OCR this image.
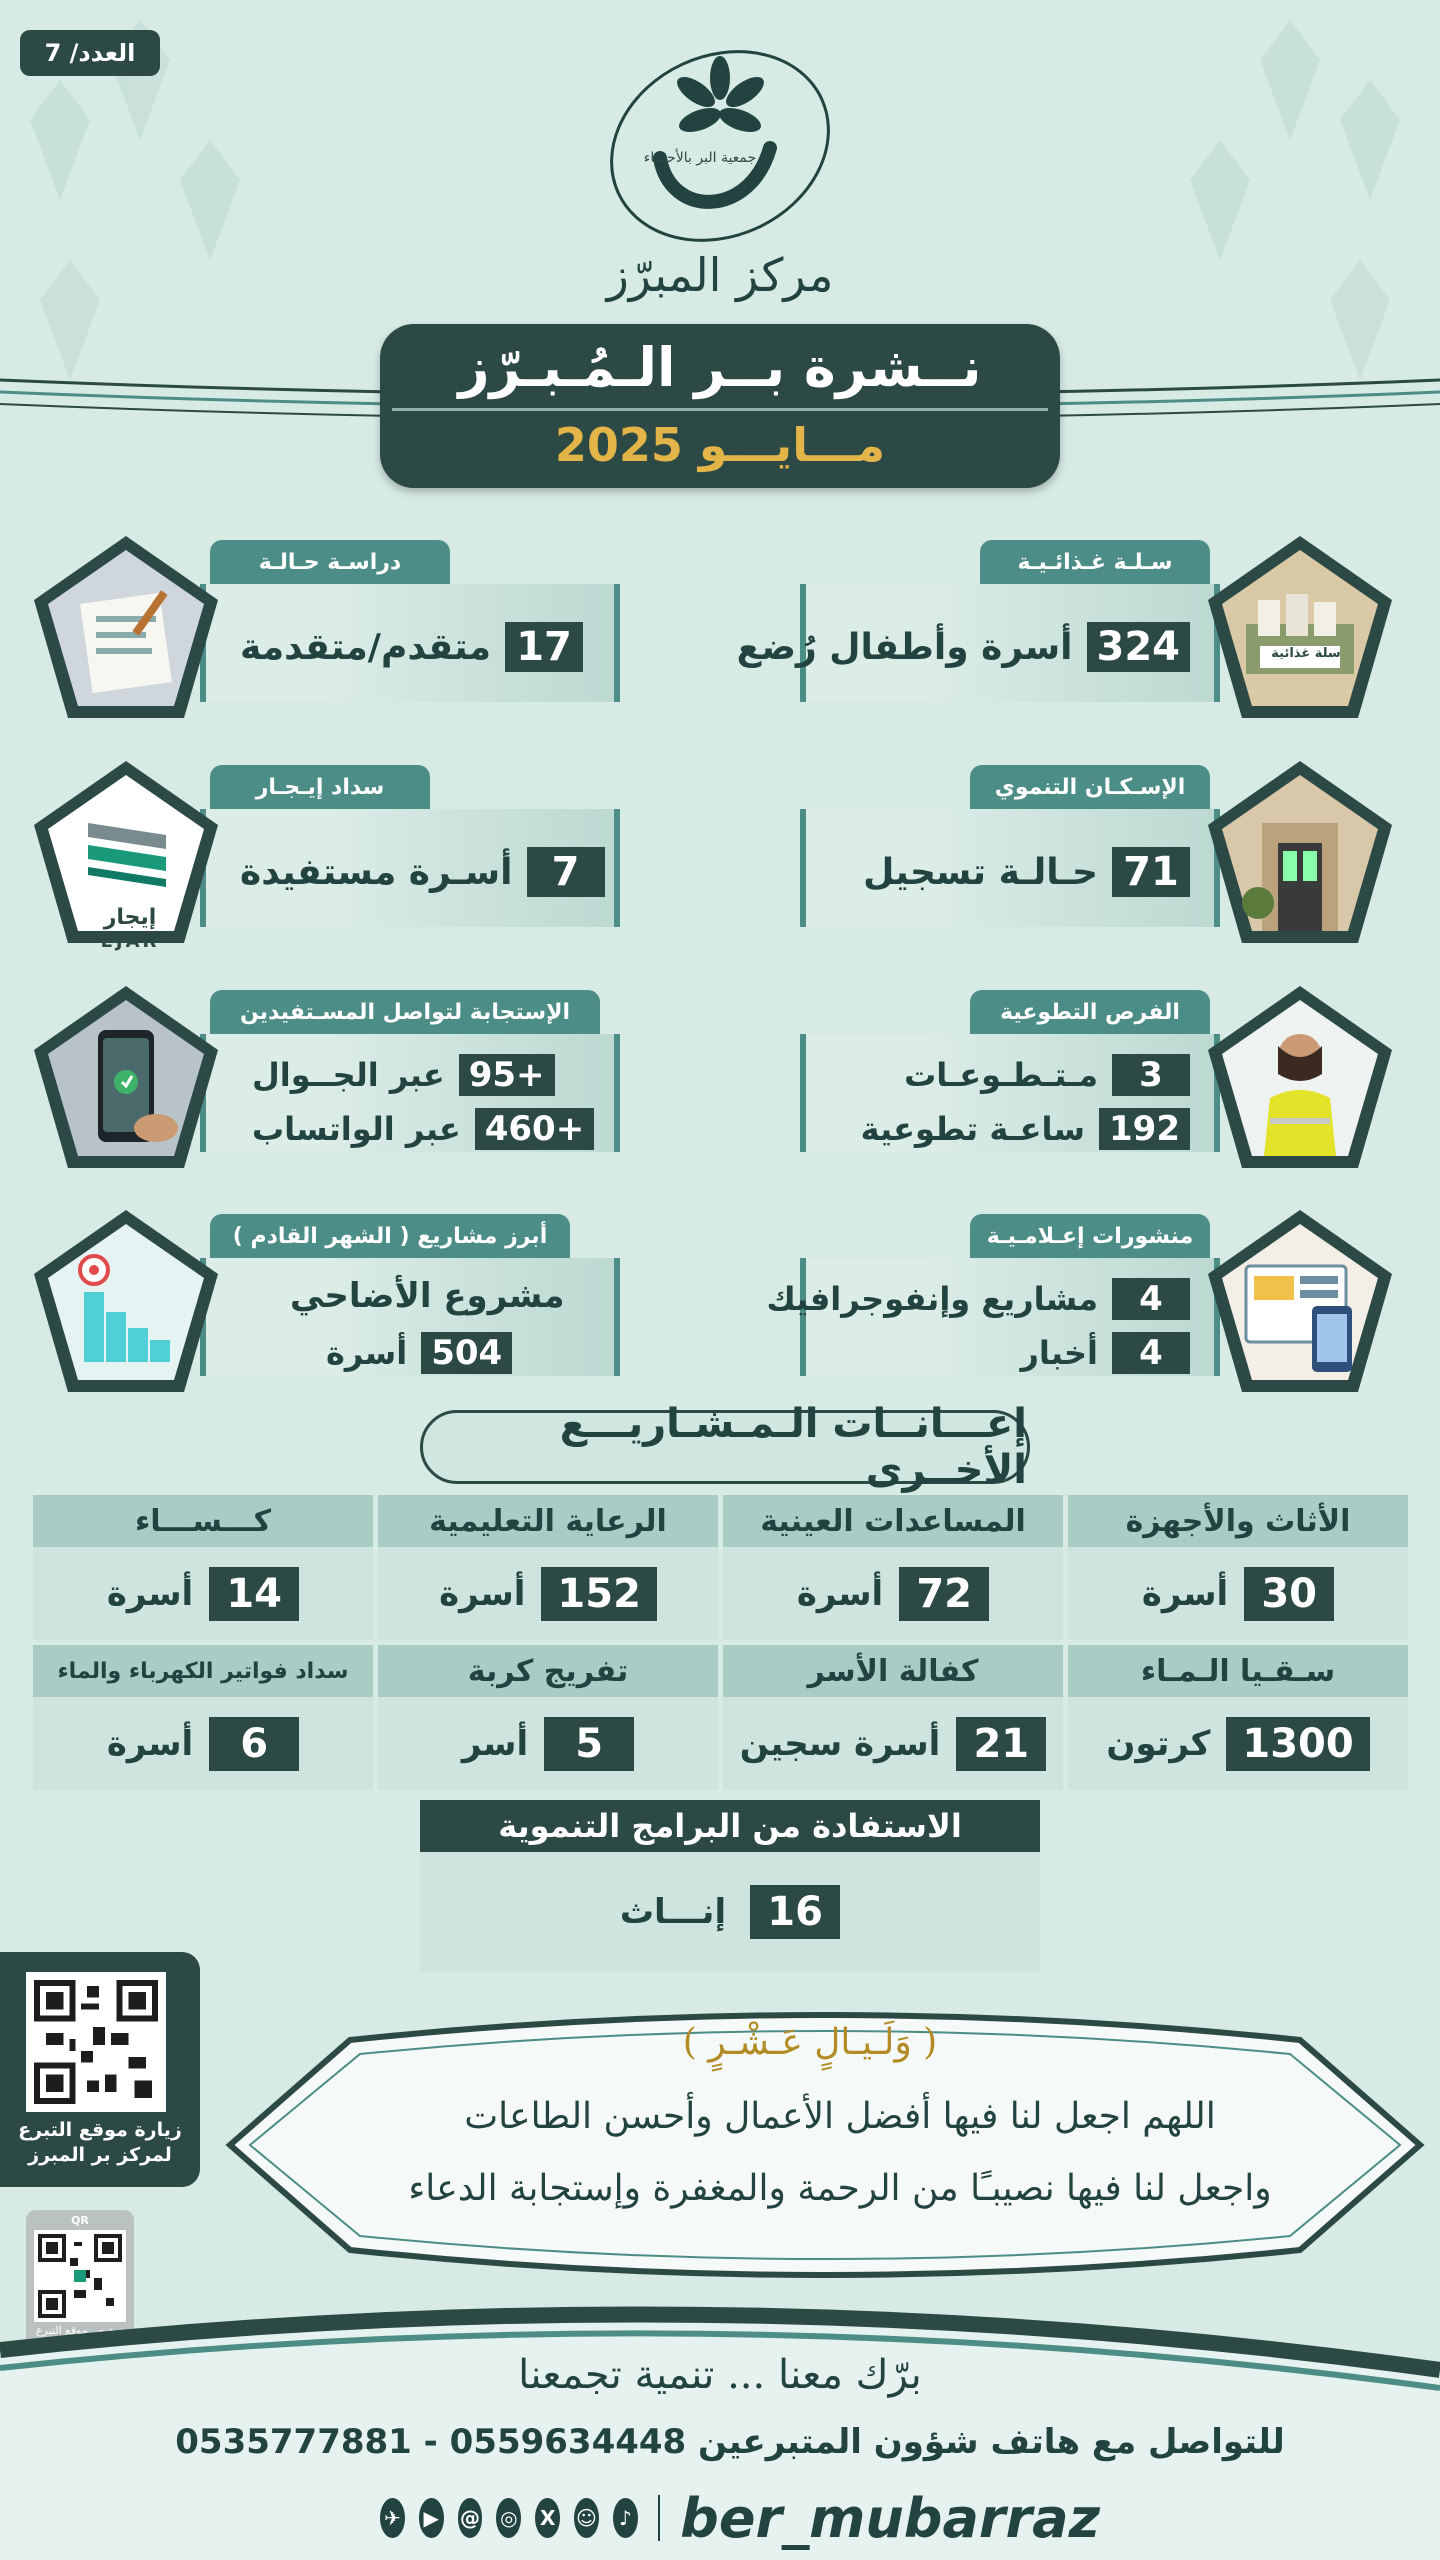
العدد/ 7
جمعية البر بالأحساء
مركز المبرّز
نــشرة بــر الـمُـبـرّز
مـــايـــو 2025
سـلـة غـذائـيـة
324
أسرة وأطفال رُضع	سلة غذائية
دراسـة حـالـة
17
متقدم/متقدمة
الإسـكـان التنموي
71
حـالـة تسجيل
سداد إيـجـار
7
أسـرة مستفيدة
إيجار
EJAR
الفرص التطوعية
3
مـتـطـوعـات
192
ساعـة تطوعية
الإستجابة لتواصل المسـتفيدين
+95
عبر الجــوال
+460
عبر الواتساب
منشورات إعـلامـيـة
4
مشاريع وإنفوجرافيك
4
أخبار
أبرز مشاريع ( الشهر القادم )
مشروع الأضاحي
504
أسرة
إعـــانــات الـمـشـاريـــع الأخــرى
الأثاث والأجهزة
30
أسرة
المساعدات العينية
72
أسرة
الرعاية التعليمية
152
أسرة
كـــســـاء
14
أسرة
سـقـيا الـمـاء
1300
كرتون
كفالة الأسر
21
أسرة سجين
تفريج كربة
5
أسر
سداد فواتير الكهرباء والماء
6
أسرة
الاستفادة من البرامج التنموية
16
إنـــاث
زيارة موقع التبرع لمركز بر المبرز
QR
ترخيص موقع التبرع
( وَلَـيـالٍ عَـشْـرٍ )
اللهم اجعل لنا فيها أفضل الأعمال وأحسن الطاعات
واجعل لنا فيها نصيبـًا من الرحمة والمغفرة وإستجابة الدعاء
برّك معنا ... تنمية تجمعنا
للتواصل مع هاتف شؤون المتبرعين 0559634448 - 0535777881
✈ ▶ @ ◎ X ☺	♪ ber_mubarraz
